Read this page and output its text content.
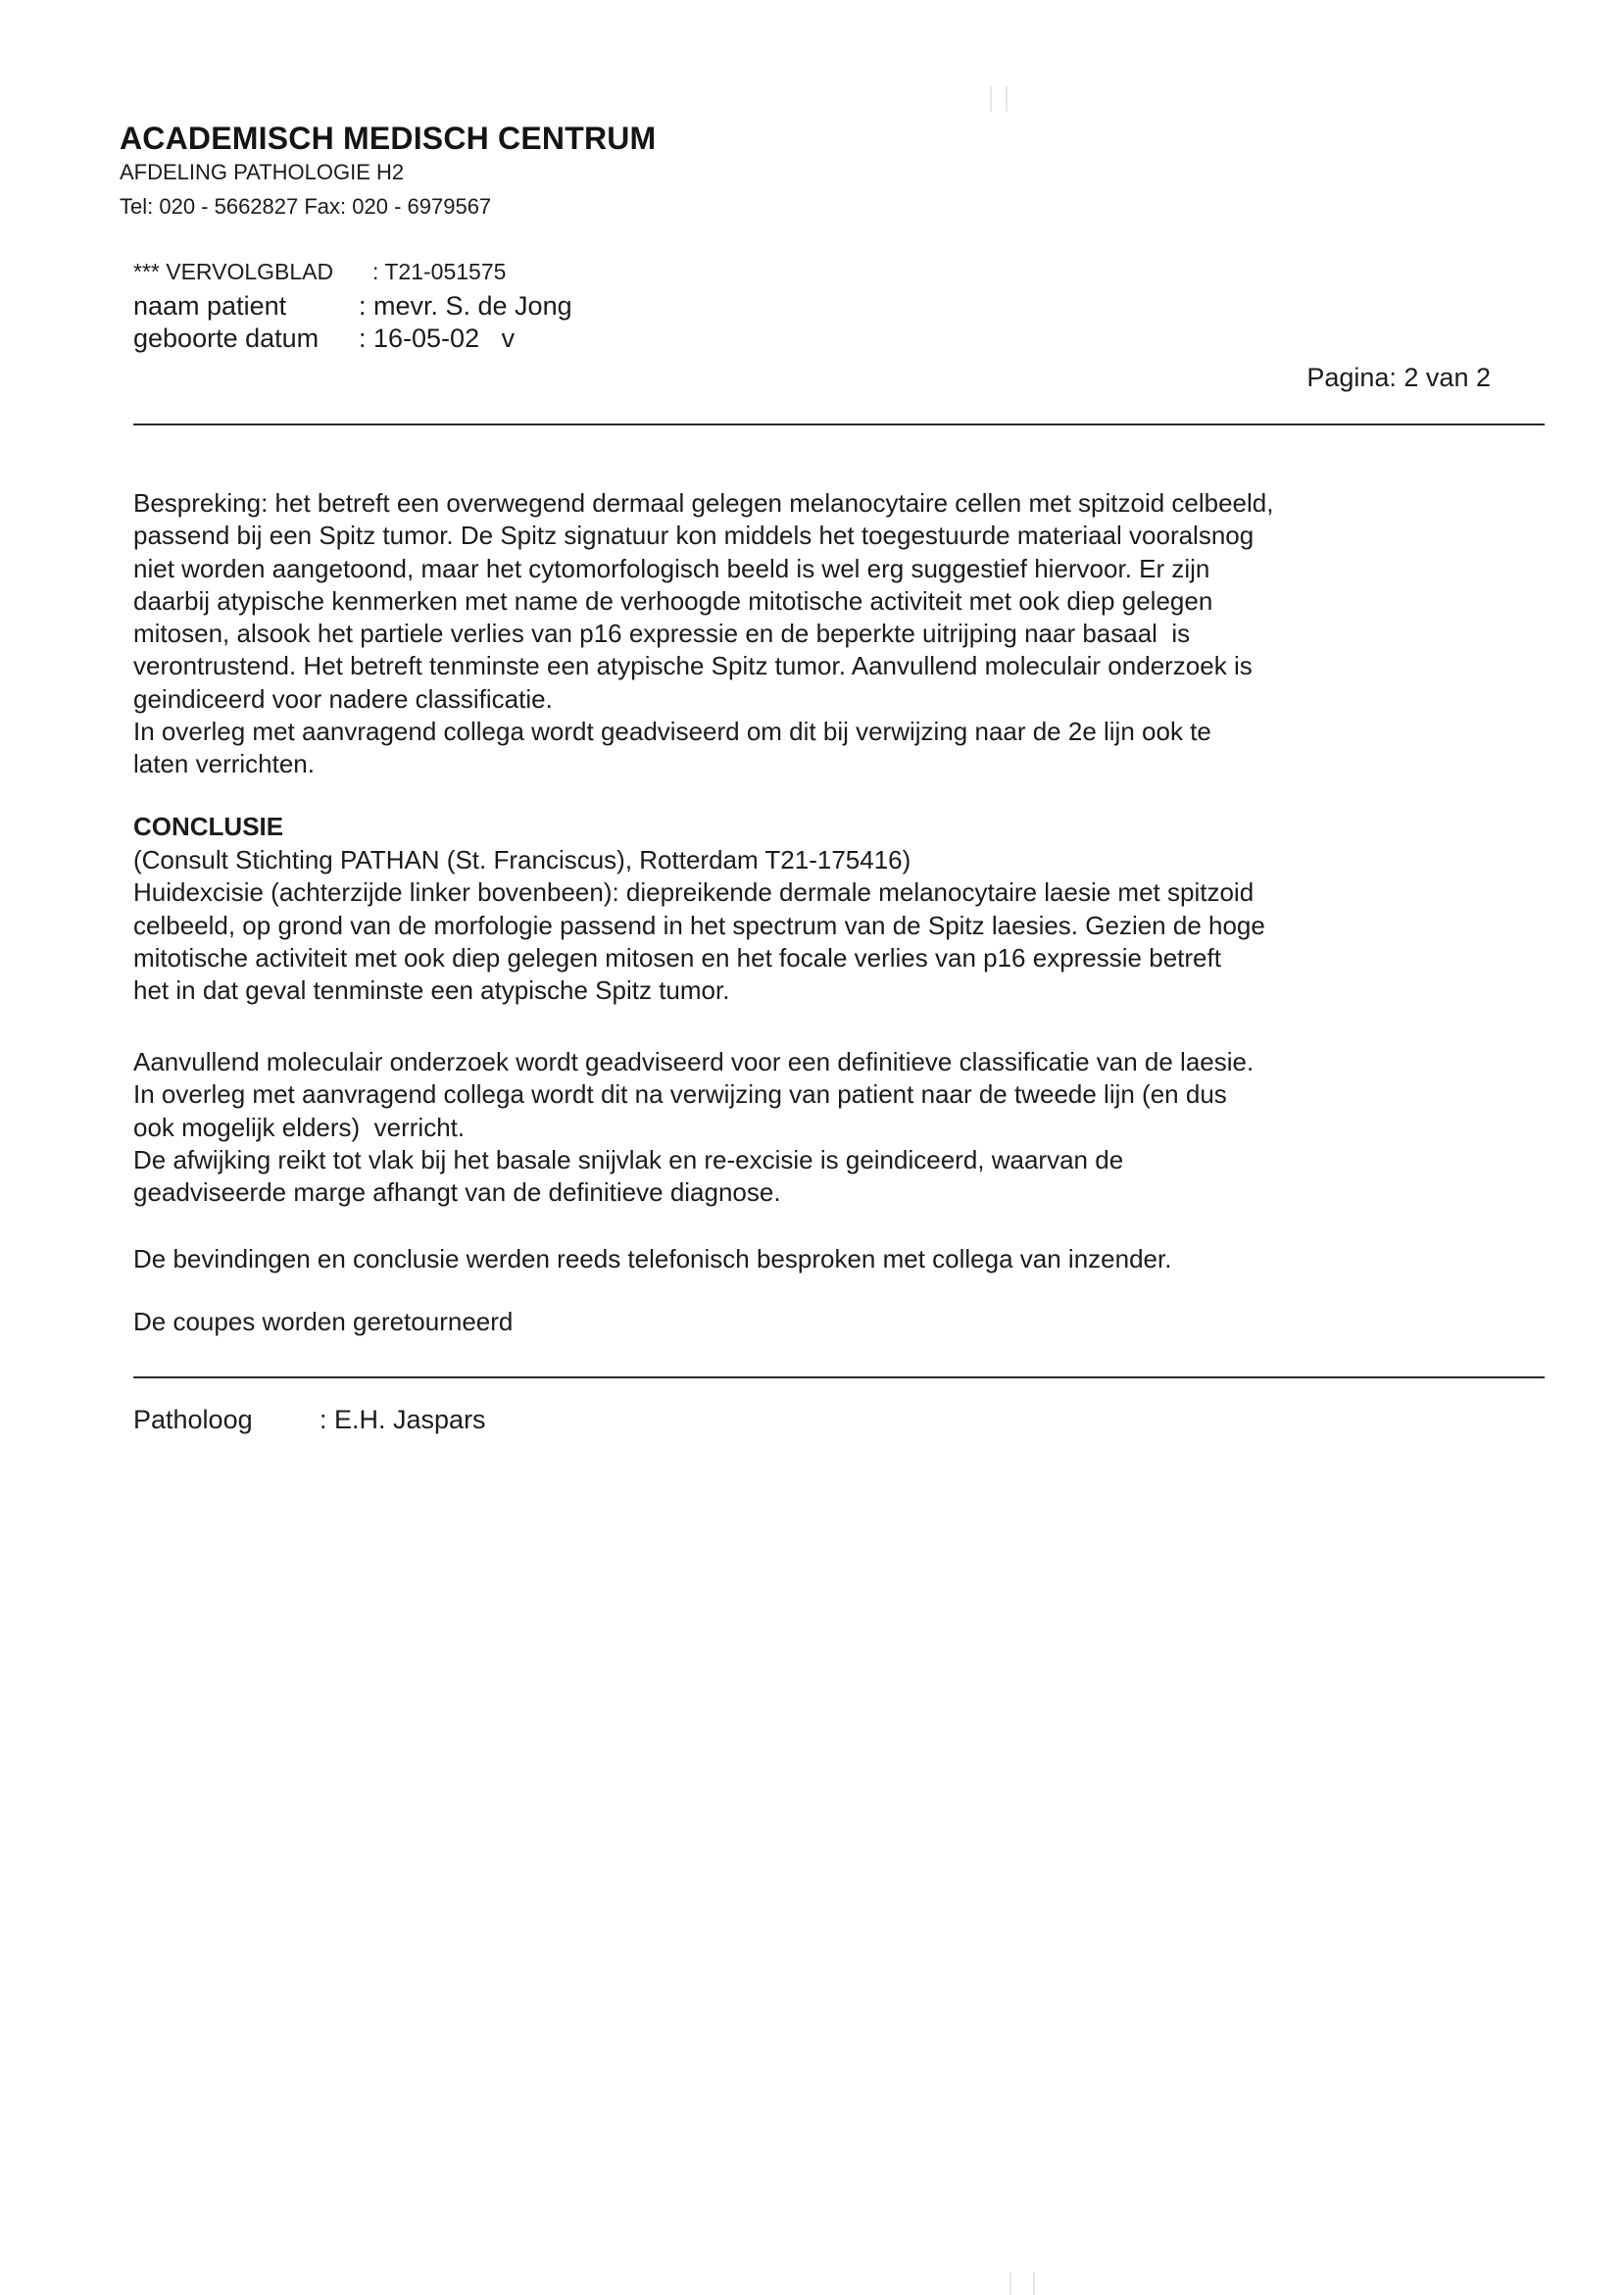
ACADEMISCH MEDISCH CENTRUM
AFDELING PATHOLOGIE H2
Tel: 020 - 5662827 Fax: 020 - 6979567
*** VERVOLGBLAD : T21-051575
naam patient	: mevr. S. de Jong
geboorte datum : 16-05-02   v
Pagina: 2 van 2
Bespreking: het betreft een overwegend dermaal gelegen melanocytaire cellen met spitzoid celbeeld,
passend bij een Spitz tumor. De Spitz signatuur kon middels het toegestuurde materiaal vooralsnog
niet worden aangetoond, maar het cytomorfologisch beeld is wel erg suggestief hiervoor. Er zijn
daarbij atypische kenmerken met name de verhoogde mitotische activiteit met ook diep gelegen
mitosen, alsook het partiele verlies van p16 expressie en de beperkte uitrijping naar basaal  is
verontrustend. Het betreft tenminste een atypische Spitz tumor. Aanvullend moleculair onderzoek is
geindiceerd voor nadere classificatie.
In overleg met aanvragend collega wordt geadviseerd om dit bij verwijzing naar de 2e lijn ook te
laten verrichten.
CONCLUSIE
(Consult Stichting PATHAN (St. Franciscus), Rotterdam T21-175416)
Huidexcisie (achterzijde linker bovenbeen): diepreikende dermale melanocytaire laesie met spitzoid
celbeeld, op grond van de morfologie passend in het spectrum van de Spitz laesies. Gezien de hoge
mitotische activiteit met ook diep gelegen mitosen en het focale verlies van p16 expressie betreft
het in dat geval tenminste een atypische Spitz tumor.
Aanvullend moleculair onderzoek wordt geadviseerd voor een definitieve classificatie van de laesie.
In overleg met aanvragend collega wordt dit na verwijzing van patient naar de tweede lijn (en dus
ook mogelijk elders)  verricht.
De afwijking reikt tot vlak bij het basale snijvlak en re-excisie is geindiceerd, waarvan de
geadviseerde marge afhangt van de definitieve diagnose.
De bevindingen en conclusie werden reeds telefonisch besproken met collega van inzender.
De coupes worden geretourneerd
Patholoog	: E.H. Jaspars
